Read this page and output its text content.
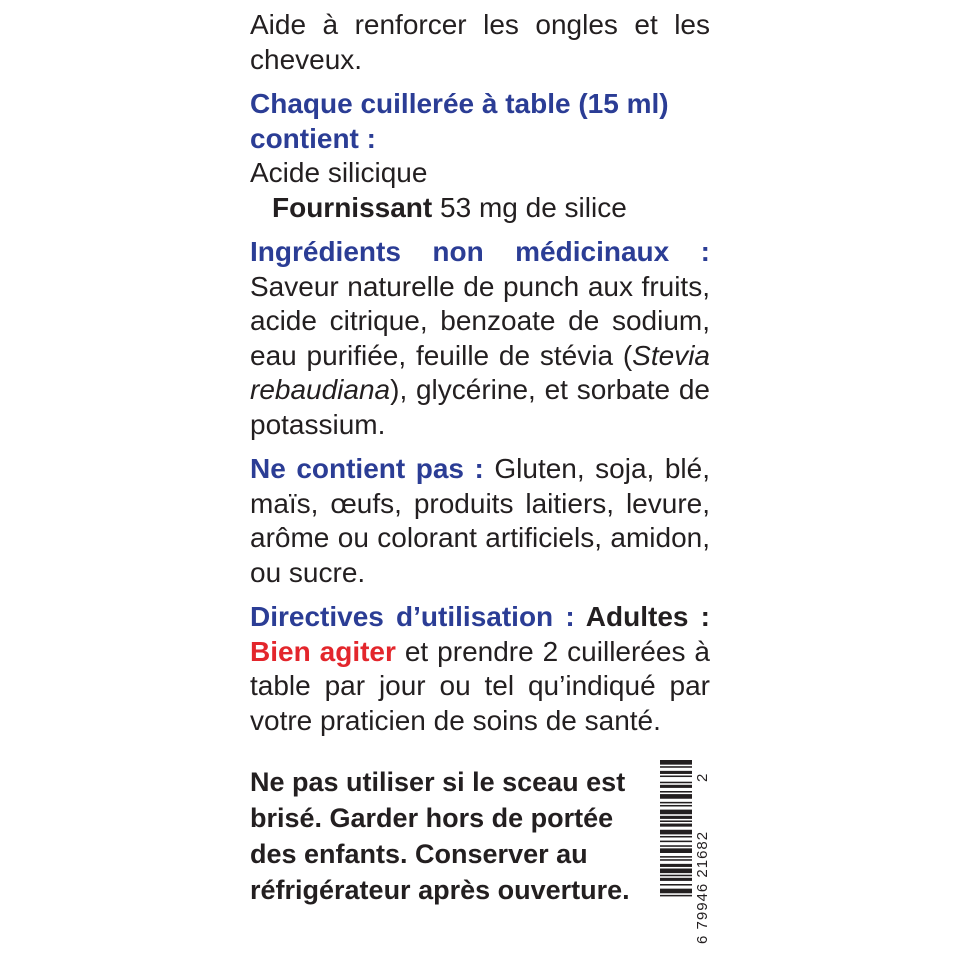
Aide à renforcer les ongles et les cheveux.

Chaque cuillerée à table (15 ml) contient :
Acide silicique
Fournissant 53 mg de silice
Ingrédients non médicinaux : Saveur naturelle de punch aux fruits, acide citrique, benzoate de sodium, eau purifiée, feuille de stévia (Stevia rebaudiana), glycérine, et sorbate de potassium.
Ne contient pas : Gluten, soja, blé, maïs, œufs, produits laitiers, levure, arôme ou colorant artificiels, amidon, ou sucre.
Directives d’utilisation : Adultes : Bien agiter et prendre 2 cuillerées à table par jour ou tel qu’indiqué par votre praticien de soins de santé.
Ne pas utiliser si le sceau est brisé. Garder hors de portée des enfants. Conserver au réfrigérateur après ouverture.	6 79946 21682
2
